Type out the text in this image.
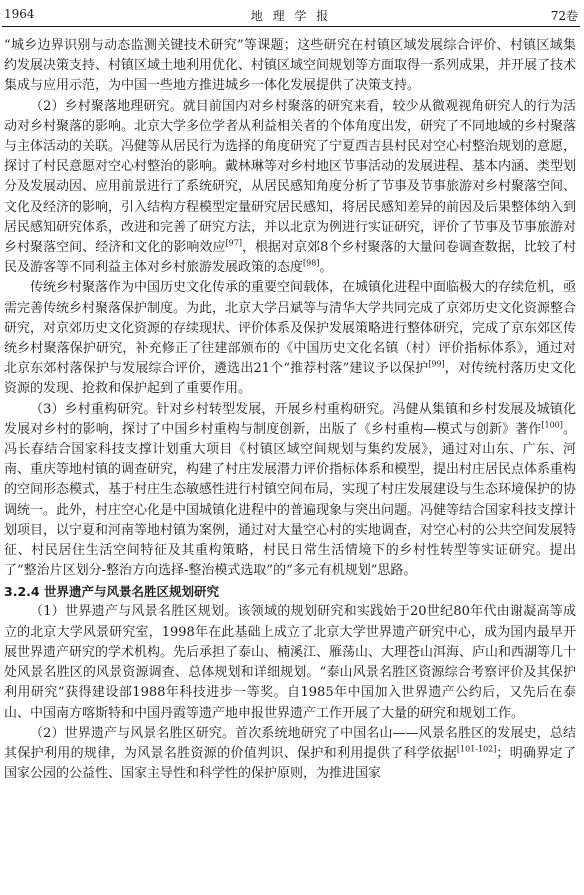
1964	地 理 学 报	72卷

“城乡边界识别与动态监测关键技术研究”等课题；这些研究在村镇区域发展综合评价、村镇区域集约发展决策支持、村镇区域土地利用优化、村镇区域空间规划等方面取得一系列成果，并开展了技术集成与应用示范，为中国一些地方推进城乡一体化发展提供了决策支持。

（2）乡村聚落地理研究。就目前国内对乡村聚落的研究来看，较少从微观视角研究人的行为活动对乡村聚落的影响。北京大学多位学者从利益相关者的个体角度出发，研究了不同地域的乡村聚落与主体活动的关联。冯健等从居民行为选择的角度研究了宁夏西吉县村民对空心村整治规划的意愿，探讨了村民意愿对空心村整治的影响。戴林琳等对乡村地区节事活动的发展进程、基本内涵、类型划分及发展动因、应用前景进行了系统研究，从居民感知角度分析了节事及节事旅游对乡村聚落空间、文化及经济的影响，引入结构方程模型定量研究居民感知，将居民感知差异的前因及后果整体纳入到居民感知研究体系，改进和完善了研究方法，并以北京为例进行实证研究，评价了节事及节事旅游对乡村聚落空间、经济和文化的影响效应[97]，根据对京郊8个乡村聚落的大量问卷调查数据，比较了村民及游客等不同利益主体对乡村旅游发展政策的态度[98]。

传统乡村聚落作为中国历史文化传承的重要空间载体，在城镇化进程中面临极大的存续危机，亟需完善传统乡村聚落保护制度。为此，北京大学吕斌等与清华大学共同完成了京郊历史文化资源整合研究，对京郊历史文化资源的存续现状、评价体系及保护发展策略进行整体研究，完成了京东郊区传统乡村聚落保护研究，补充修正了往建部颁布的《中国历史文化名镇（村）评价指标体系》，通过对北京东郊村落保护与发展综合评价，遴选出21个“推荐村落”建议予以保护[99]，对传统村落历史文化资源的发现、抢救和保护起到了重要作用。

（3）乡村重构研究。针对乡村转型发展，开展乡村重构研究。冯健从集镇和乡村发展及城镇化发展对乡村的影响，探讨了中国乡村重构与制度创新，出版了《乡村重构—模式与创新》著作[100]。冯长春结合国家科技支撑计划重大项目《村镇区域空间规划与集约发展》，通过对山东、广东、河南、重庆等地村镇的调查研究，构建了村庄发展潜力评价指标体系和模型，提出村庄居民点体系重构的空间形态模式，基于村庄生态敏感性进行村镇空间布局，实现了村庄发展建设与生态环境保护的协调统一。此外，村庄空心化是中国城镇化进程中的普遍现象与突出问题。冯健等结合国家科技支撑计划项目，以宁夏和河南等地村镇为案例，通过对大量空心村的实地调查，对空心村的公共空间发展特征、村民居住生活空间特征及其重构策略，村民日常生活情境下的乡村性转型等实证研究。提出了“整治片区划分-整治方向选择-整治模式选取”的“多元有机规划”思路。

3.2.4 世界遗产与风景名胜区规划研究

（1）世界遗产与风景名胜区规划。该领域的规划研究和实践始于20世纪80年代由谢凝高等成立的北京大学风景研究室，1998年在此基础上成立了北京大学世界遗产研究中心，成为国内最早开展世界遗产研究的学术机构。先后承担了泰山、楠溪江、雁荡山、大理苍山洱海、庐山和西湖等几十处风景名胜区的风景资源调查、总体规划和详细规划。“泰山风景名胜区资源综合考察评价及其保护利用研究”获得建设部1988年科技进步一等奖。自1985年中国加入世界遗产公约后，又先后在泰山、中国南方喀斯特和中国丹霞等遗产地申报世界遗产工作开展了大量的研究和规划工作。

（2）世界遗产与风景名胜区研究。首次系统地研究了中国名山——风景名胜区的发展史，总结其保护利用的规律，为风景名胜资源的价值判识、保护和利用提供了科学依据[101-102]；明确界定了国家公园的公益性、国家主导性和科学性的保护原则，为推进国家
